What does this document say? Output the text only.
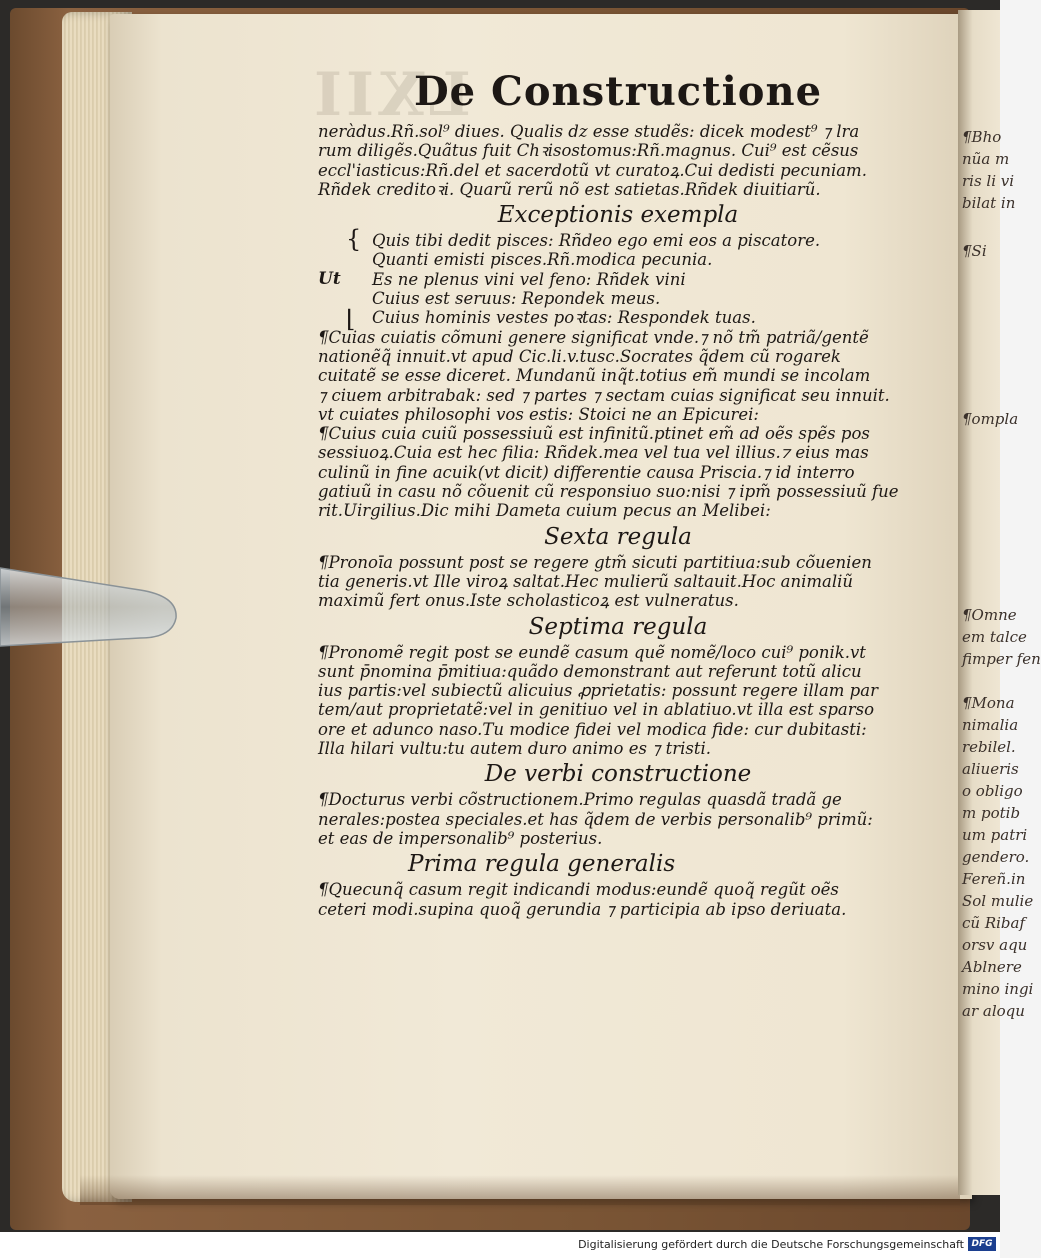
LXII
¶Bho
nũa m
ris li vi
bilat in
¶Si
¶ompla
¶Omne
em talce
fimper fen
¶Mona
nimalia
rebilel.
aliueris
o obligo
m potib
um patri
gendero.
Fereñ.in
Sol mulie
cũ Ribaf
orsv aqu
Ablnere
mino ingi
ar aloqu
De Constructione
neràdus.Rñ.sol⁹ diues. Qualis dz esse studẽs: dicek modest⁹ ⁊ lra
rum diligẽs.Quãtus fuit Chꝛisostomus:Rñ.magnus. Cui⁹ est cẽsus
eccl'iasticus:Rñ.del et sacerdotũ vt curatoꝝ.Cui dedisti pecuniam.
Rñdek creditoꝛi. Quarũ rerũ nõ est satietas.Rñdek diuitiarũ.
Exceptionis exempla
Ut
{
⌊
Quis tibi dedit pisces: Rñdeo ego emi eos a piscatore.
Quanti emisti pisces.Rñ.modica pecunia.
Es ne plenus vini vel feno: Rñdek vini
Cuius est seruus: Repondek meus.
Cuius hominis vestes poꝛtas: Respondek tuas.
¶Cuias cuiatis cõmuni genere significat vnde.⁊ nõ tm̃ patriã/gentẽ
nationẽq̃ innuit.vt apud Cic.li.v.tusc.Socrates q̃dem cũ rogarek
cuitatẽ se esse diceret. Mundanũ inq̃t.totius em̃ mundi se incolam
⁊ ciuem arbitrabak: sed ⁊ partes ⁊ sectam cuias significat seu innuit.
vt cuiates philosophi vos estis: Stoici ne an Epicurei:
¶Cuius cuia cuiũ possessiuũ est infinitũ.ptinet em̃ ad oẽs spẽs pos
sessiuoꝝ.Cuia est hec filia: Rñdek.mea vel tua vel illius.⁊ eius mas
culinũ in fine acuik(vt dicit) differentie causa Priscia.⁊ id interro
gatiuũ in casu nõ cõuenit cũ responsiuo suo:nisi ⁊ ipm̃ possessiuũ fue
rit.Uirgilius.Dic mihi Dameta cuium pecus an Melibei:
Sexta regula
¶Pronoīa possunt post se regere gtm̃ sicuti partitiua:sub cõuenien
tia generis.vt Ille viroꝝ saltat.Hec mulierũ saltauit.Hoc animaliũ
maximũ fert onus.Iste scholasticoꝝ est vulneratus.
Septima regula
¶Pronomẽ regit post se eundẽ casum quẽ nomẽ/loco cui⁹ ponik.vt
sunt p̄nomina p̄mitiua:quãdo demonstrant aut referunt totũ alicu
ius partis:vel subiectũ alicuius ꝓprietatis: possunt regere illam par
tem/aut proprietatẽ:vel in genitiuo vel in ablatiuo.vt illa est sparso
ore et adunco naso.Tu modice fidei vel modica fide: cur dubitasti:
Illa hilari vultu:tu autem duro animo es ⁊ tristi.
De verbi constructione
¶Docturus verbi cõstructionem.Primo regulas quasdã tradã ge
nerales:postea speciales.et has q̃dem de verbis personalib⁹ primũ:
et eas de impersonalib⁹ posterius.
Prima regula generalis
¶Quecunq̃ casum regit indicandi modus:eundẽ quoq̃ regũt oẽs
ceteri modi.supina quoq̃ gerundia ⁊ participia ab ipso deriuata.
Digitalisierung gefördert durch die Deutsche Forschungsgemeinschaft DFG
